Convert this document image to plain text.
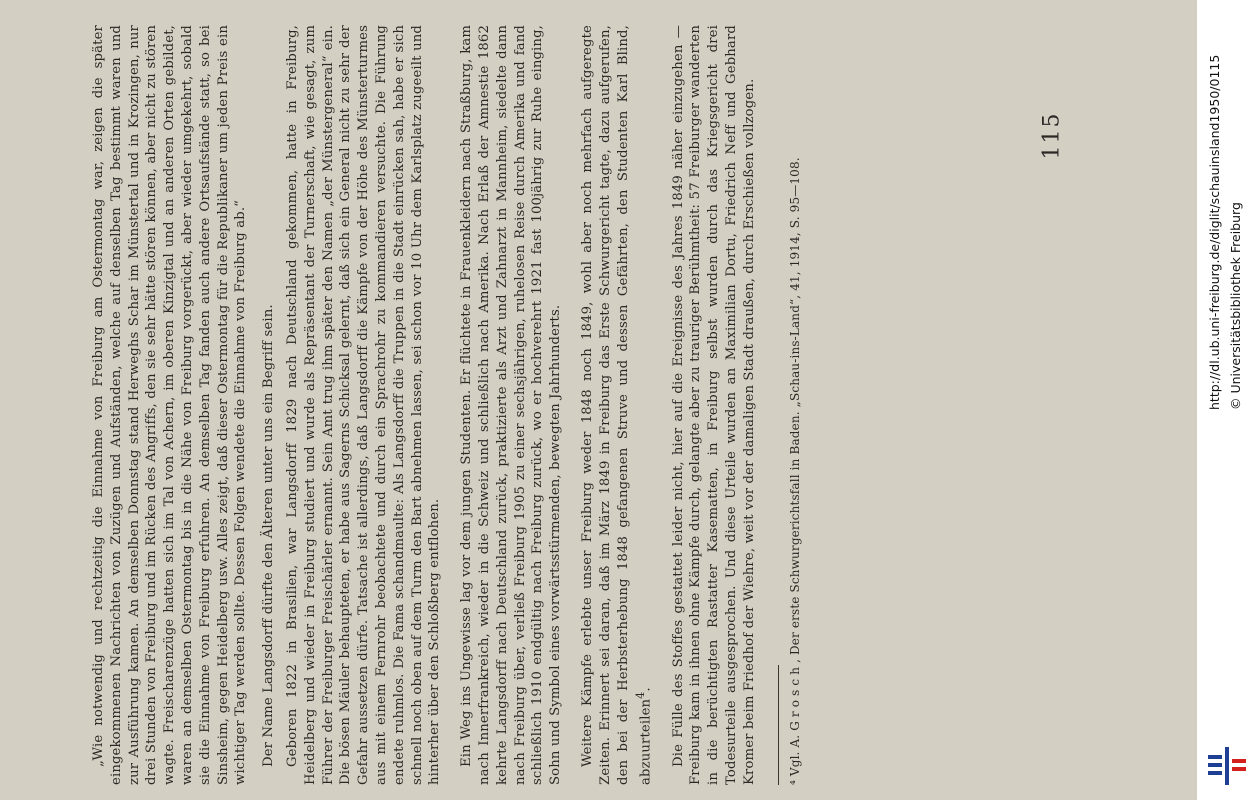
„Wie notwendig und rechtzeitig die Einnahme von Freiburg am Ostermontag war, zeigen die später eingekommenen Nachrichten von Zuzügen und Aufständen, welche auf denselben Tag bestimmt waren und zur Ausführung kamen. An demselben Donnstag stand Herweghs Schar im Münstertal und in Krozingen, nur drei Stunden von Freiburg und im Rücken des Angriffs, den sie sehr hätte stören können, aber nicht zu stören wagte. Freischarenzüge hatten sich im Tal von Achern, im oberen Kinzigtal und an anderen Orten gebildet, waren an demselben Ostermontag bis in die Nähe von Freiburg vorgerückt, aber wieder umgekehrt, sobald sie die Einnahme von Freiburg erfuhren. An demselben Tag fanden auch andere Ortsaufstände statt, so bei Sinsheim, gegen Heidelberg usw. Alles zeigt, daß dieser Ostermontag für die Republikaner um jeden Preis ein wichtiger Tag werden sollte. Dessen Folgen wendete die Einnahme von Freiburg ab.“ Der Name Langsdorff dürfte den Älteren unter uns ein Begriff sein. Geboren 1822 in Brasilien, war Langsdorff 1829 nach Deutschland gekommen, hatte in Freiburg, Heidelberg und wieder in Freiburg studiert und wurde als Repräsentant der Turnerschaft, wie gesagt, zum Führer der Freiburger Freischärler ernannt. Sein Amt trug ihm später den Namen „der Münstergeneral“ ein. Die bösen Mäuler behaupteten, er habe aus Sagerns Schicksal gelernt, daß sich ein General nicht zu sehr der Gefahr aussetzen dürfe. Tatsache ist allerdings, daß Langsdorff die Kämpfe von der Höhe des Münsterturmes aus mit einem Fernrohr beobachtete und durch ein Sprachrohr zu kommandieren versuchte. Die Führung endete ruhmlos. Die Fama schandmaulte: Als Langsdorff die Truppen in die Stadt einrücken sah, habe er sich schnell noch oben auf dem Turm den Bart abnehmen lassen, sei schon vor 10 Uhr dem Karlsplatz zugeeilt und hinterher über den Schloßberg entflohen. Ein Weg ins Ungewisse lag vor dem jungen Studenten. Er flüchtete in Frauenkleidern nach Straßburg, kam nach Innerfrankreich, wieder in die Schweiz und schließlich nach Amerika. Nach Erlaß der Amnestie 1862 kehrte Langsdorff nach Deutschland zurück, praktizierte als Arzt und Zahnarzt in Mannheim, siedelte dann nach Freiburg über, verließ Freiburg 1905 zu einer sechsjährigen, ruhelosen Reise durch Amerika und fand schließlich 1910 endgültig nach Freiburg zurück, wo er hochverehrt 1921 fast 100jährig zur Ruhe einging, Sohn und Symbol eines vorwärtsstürmenden, bewegten Jahrhunderts. Weitere Kämpfe erlebte unser Freiburg weder 1848 noch 1849, wohl aber noch mehrfach aufgeregte Zeiten. Erinnert sei daran, daß im März 1849 in Freiburg das Erste Schwurgericht tagte, dazu aufgerufen, den bei der Herbsterhebung 1848 gefangenen Struve und dessen Gefährten, den Studenten Karl Blind, abzuurteilen$^4$. Die Fülle des Stoffes gestattet leider nicht, hier auf die Ereignisse des Jahres 1849 näher einzugehen — Freiburg kam in ihnen ohne Kämpfe durch, gelangte aber zu trauriger Berühmtheit: 57 Freiburger wanderten in die berüchtigten Rastatter Kasematten, in Freiburg selbst wurden durch das Kriegsgericht drei Todesurteile ausgesprochen. Und diese Urteile wurden an Maximilian Dortu, Friedrich Neff und Gebhard Kromer beim Friedhof der Wiehre, weit vor der damaligen Stadt draußen, durch Erschießen vollzogen.	⁴ Vgl. A. G r o s c h , Der erste Schwurgerichtsfall in Baden. „Schau-ins-Land“, 41, 1914, S. 95—108.

115	http://dl.ub.uni-freiburg.de/diglit/schauinsland1950/0115 © Universitätsbibliothek Freiburg
